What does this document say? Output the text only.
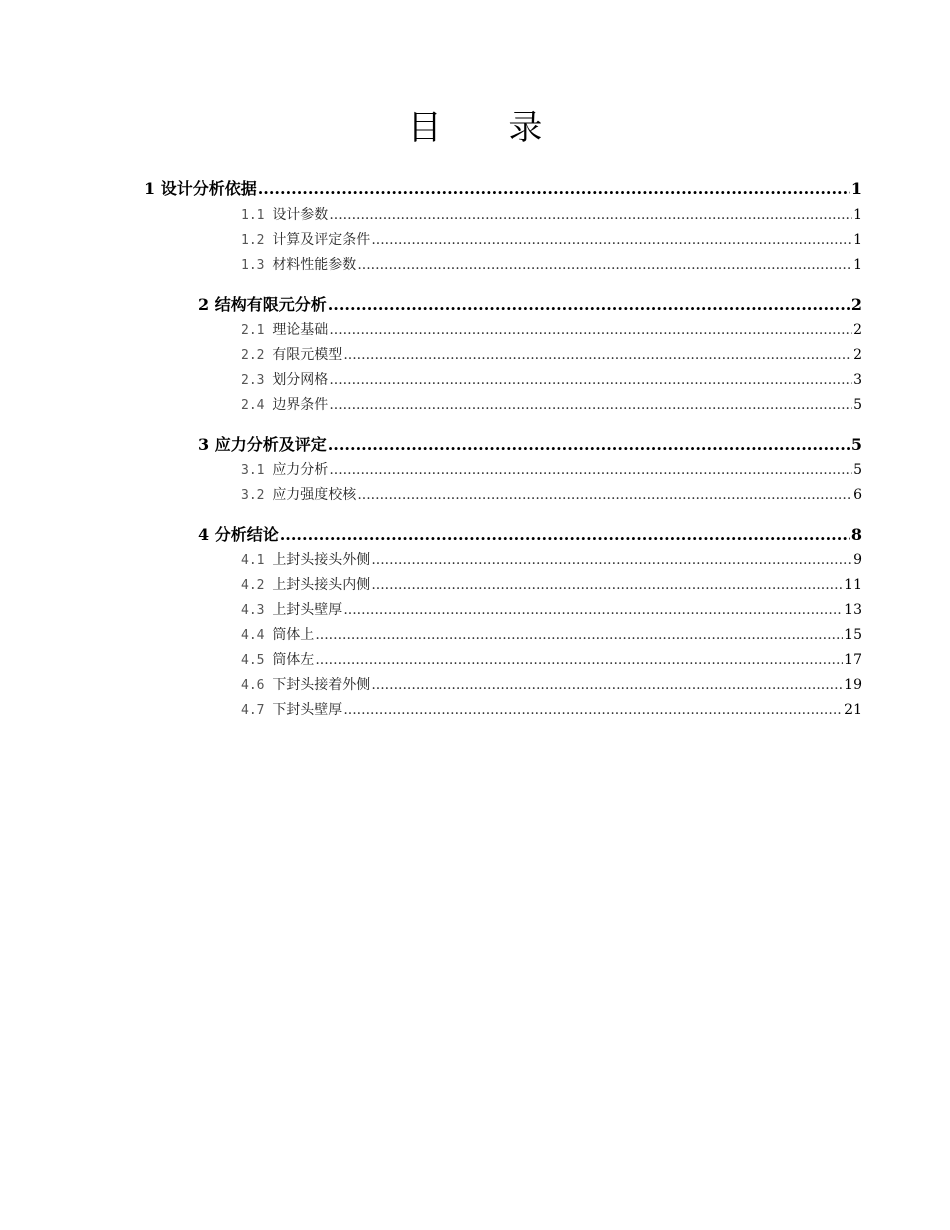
目 录
1 设计分析依据 .....	1
1.1 设计参数 .....	1
1.2 计算及评定条件 .....	1
1.3 材料性能参数 .....	1
2 结构有限元分析 .....	2
2.1 理论基础 .....	2
2.2 有限元模型 .....	2
2.3 划分网格 .....	3
2.4 边界条件 .....	5
3 应力分析及评定 .....	5
3.1 应力分析 .....	5
3.2 应力强度校核 .....	6
4 分析结论 .....	8
4.1 上封头接头外侧 .....	9
4.2 上封头接头内侧 .....	11
4.3 上封头壁厚 .....	13
4.4 筒体上 .....	15
4.5 筒体左 .....	17
4.6 下封头接着外侧 .....	19
4.7 下封头壁厚 .....	21
